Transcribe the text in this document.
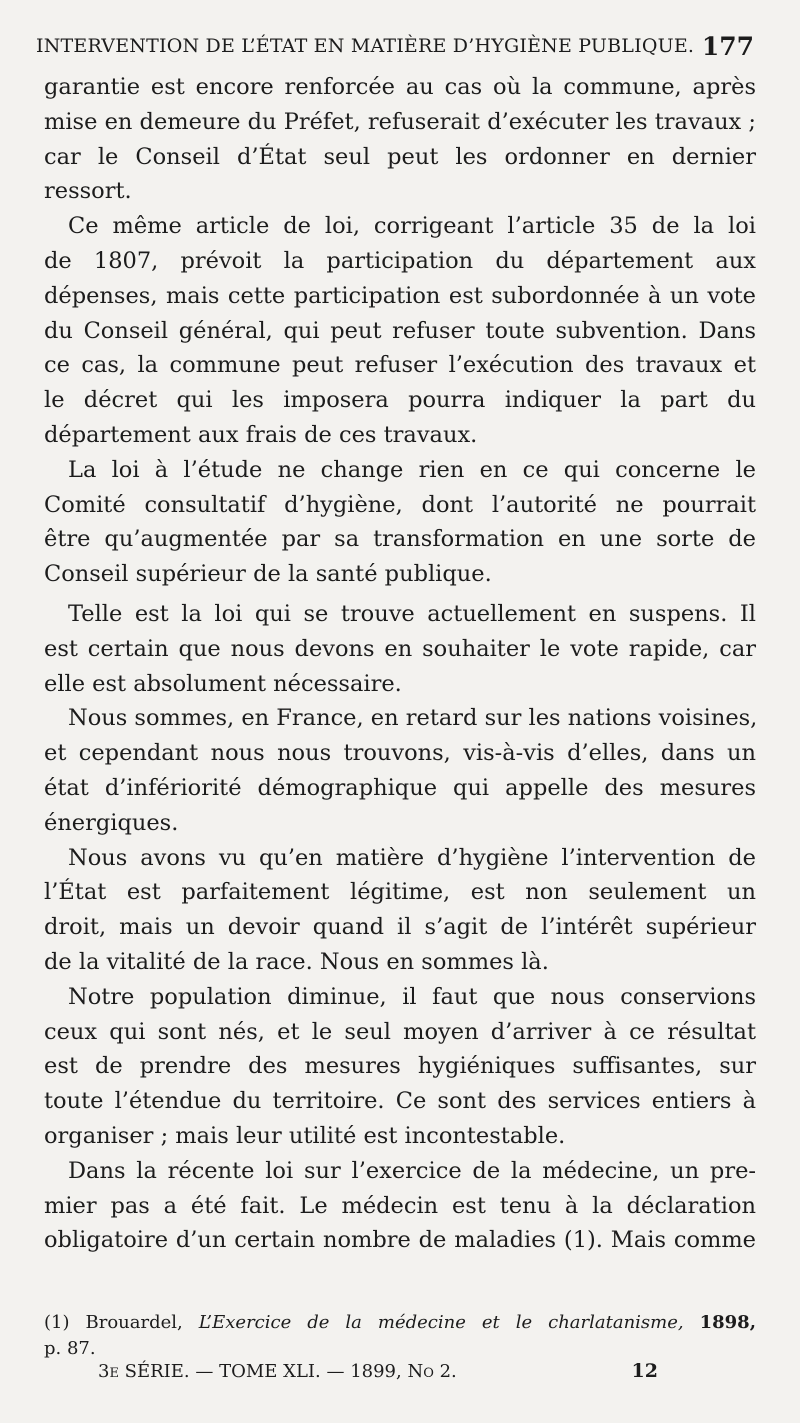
INTERVENTION DE L’ÉTAT EN MATIÈRE D’HYGIÈNE PUBLIQUE. 177
garantie est encore renforcée au cas où la commune, après
mise en demeure du Préfet, refuserait d’exécuter les travaux ;
car le Conseil d’État seul peut les ordonner en dernier
ressort.
Ce même article de loi, corrigeant l’article 35 de la loi
de 1807, prévoit la participation du département aux
dépenses, mais cette participation est subordonnée à un vote
du Conseil général, qui peut refuser toute subvention. Dans
ce cas, la commune peut refuser l’exécution des travaux et
le décret qui les imposera pourra indiquer la part du
département aux frais de ces travaux.
La loi à l’étude ne change rien en ce qui concerne le
Comité consultatif d’hygiène, dont l’autorité ne pourrait
être qu’augmentée par sa transformation en une sorte de
Conseil supérieur de la santé publique.
Telle est la loi qui se trouve actuellement en suspens. Il
est certain que nous devons en souhaiter le vote rapide, car
elle est absolument nécessaire.
Nous sommes, en France, en retard sur les nations voisines,
et cependant nous nous trouvons, vis-à-vis d’elles, dans un
état d’infériorité démographique qui appelle des mesures
énergiques.
Nous avons vu qu’en matière d’hygiène l’intervention de
l’État est parfaitement légitime, est non seulement un
droit, mais un devoir quand il s’agit de l’intérêt supérieur
de la vitalité de la race. Nous en sommes là.
Notre population diminue, il faut que nous conservions
ceux qui sont nés, et le seul moyen d’arriver à ce résultat
est de prendre des mesures hygiéniques suffisantes, sur
toute l’étendue du territoire. Ce sont des services entiers à
organiser ; mais leur utilité est incontestable.
Dans la récente loi sur l’exercice de la médecine, un pre-
mier pas a été fait. Le médecin est tenu à la déclaration
obligatoire d’un certain nombre de maladies (1). Mais comme
(1) Brouardel, L’Exercice de la médecine et le charlatanisme, 1898,
p. 87.
3e SÉRIE. — TOME XLI. — 1899, No 2.	12
